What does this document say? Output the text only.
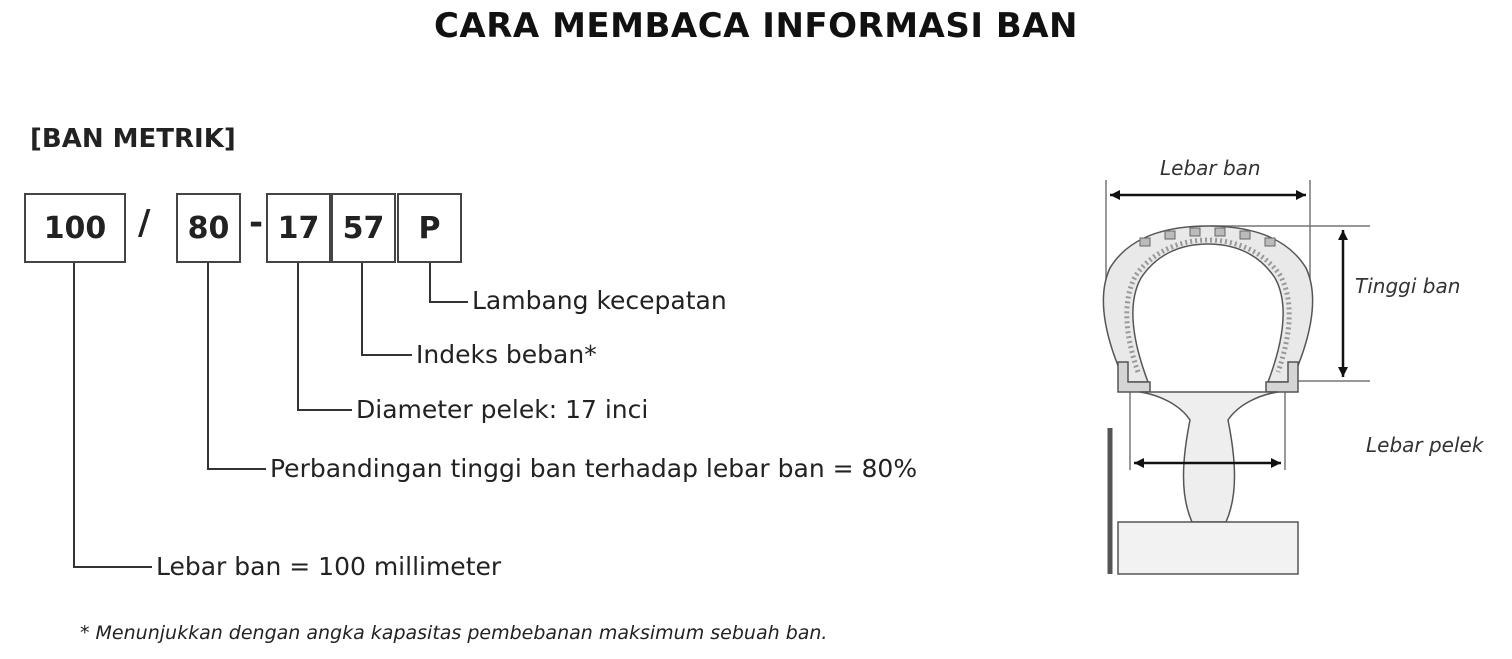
CARA MEMBACA INFORMASI BAN
[BAN METRIK]
100 /	80 - 17 57	P
Lambang kecepatan
Indeks beban*
Diameter pelek: 17 inci
Perbandingan tinggi ban terhadap lebar ban = 80%
Lebar ban = 100 millimeter
Lebar ban
Tinggi ban
Lebar pelek
* Menunjukkan dengan angka kapasitas pembebanan maksimum sebuah ban.
